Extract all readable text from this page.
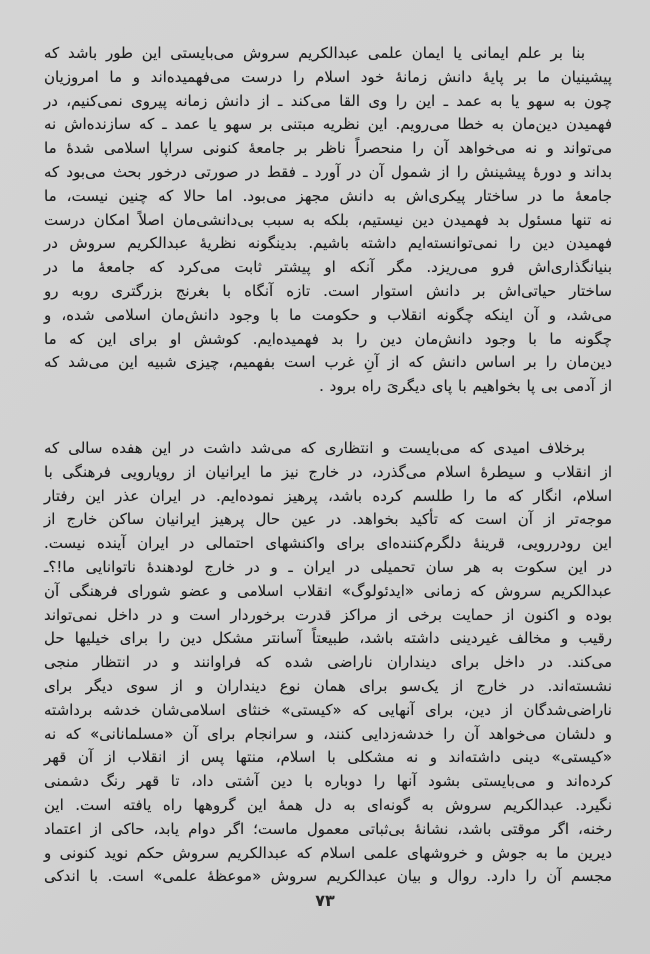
بنا بر علم ایمانی یا ایمان علمی عبدالکریم سروش می‌بایستی این طور باشد که
پیشینیان ما بر پایهٔ دانش زمانهٔ خود اسلام را درست می‌فهمیده‌اند و ما امروزیان
چون به سهو یا به عمد ـ این را وی القا می‌کند ـ از دانش زمانه پیروی نمی‌کنیم، در
فهمیدن دین‌مان به خطا می‌رویم. این نظریه مبتنی بر سهو یا عمد ـ که سازنده‌اش نه
می‌تواند و نه می‌خواهد آن را منحصراً ناظر بر جامعهٔ کنونی سراپا اسلامی شدهٔ ما
بداند و دورهٔ پیشینش را از شمول آن در آورد ـ فقط در صورتی درخور بحث می‌بود که
جامعهٔ ما در ساختار پیکری‌اش به دانش مجهز می‌بود. اما حالا که چنین نیست، ما
نه تنها مسئول بد فهمیدن دین نیستیم، بلکه به سبب بی‌دانشی‌مان اصلاً امکان درست
فهمیدن دین را نمی‌توانسته‌ایم داشته باشیم. بدینگونه نظریهٔ عبدالکریم سروش در
بنیانگذاری‌اش فرو می‌ریزد. مگر آنکه او پیشتر ثابت می‌کرد که جامعهٔ ما در
ساختار حیاتی‌اش بر دانش استوار است. تازه آنگاه با بغرنج بزرگتری روبه رو
می‌شد، و آن اینکه چگونه انقلاب و حکومت ما با وجود دانش‌مان اسلامی شده، و
چگونه ما با وجود دانش‌مان دین را بد فهمیده‌ایم. کوشش او برای این که ما
دین‌مان را بر اساس دانش که از آنِ غرب است بفهمیم، چیزی شبیه این می‌شد که
از آدمی بی پا بخواهیم با پای دیگریَ راه برود .
برخلاف امیدی که می‌بایست و انتظاری که می‌شد داشت در این هفده سالی که
از انقلاب و سیطرهٔ اسلام می‌گذرد، در خارج نیز ما ایرانیان از رویارویی فرهنگی با
اسلام، انگار که ما را طلسم کرده باشد، پرهیز نموده‌ایم. در ایران عذر این رفتار
موجه‌تر از آن است که تأکید بخواهد. در عین حال پرهیز ایرانیان ساکن خارج از
این رودررویی، قرینهٔ دلگرم‌کننده‌ای برای واکنشهای احتمالی در ایران آینده نیست.
در این سکوت به هر سان تحمیلی در ایران ـ و در خارج لودهندهٔ ناتوانایی ما!؟ـ
عبدالکریم سروش که زمانی «ایدئولوگ» انقلاب اسلامی و عضو شورای فرهنگی آن
بوده و اکنون از حمایت برخی از مراکز قدرت برخوردار است و در داخل نمی‌تواند
رقیب و مخالف غیردینی داشته باشد، طبیعتاً آسانتر مشکل دین را برای خیلیها حل
می‌کند. در داخل برای دینداران ناراضی شده که فراوانند و در انتظار منجی
نشسته‌اند. در خارج از یک‌سو برای همان نوع دینداران و از سوی دیگر برای
ناراضی‌شدگان از دین، برای آنهایی که «کیستی» خنثای اسلامی‌شان خدشه برداشته
و دلشان می‌خواهد آن را خدشه‌زدایی کنند، و سرانجام برای آن «مسلمانانی» که نه
«کیستی» دینی داشته‌اند و نه مشکلی با اسلام، منتها پس از انقلاب از آن قهر
کرده‌اند و می‌بایستی بشود آنها را دوباره با دین آشتی داد، تا قهر رنگ دشمنی
نگیرد. عبدالکریم سروش به گونه‌ای به دل همهٔ این گروهها راه یافته است. این
رخنه، اگر موقتی باشد، نشانهٔ بی‌ثباتی معمول ماست؛ اگر دوام یابد، حاکی از اعتماد
دیرین ما به جوش و خروشهای علمی اسلام که عبدالکریم سروش حکم نوید کنونی و
مجسم آن را دارد. روال و بیان عبدالکریم سروش «موعظهٔ علمی» است. با اندکی
۷۳
